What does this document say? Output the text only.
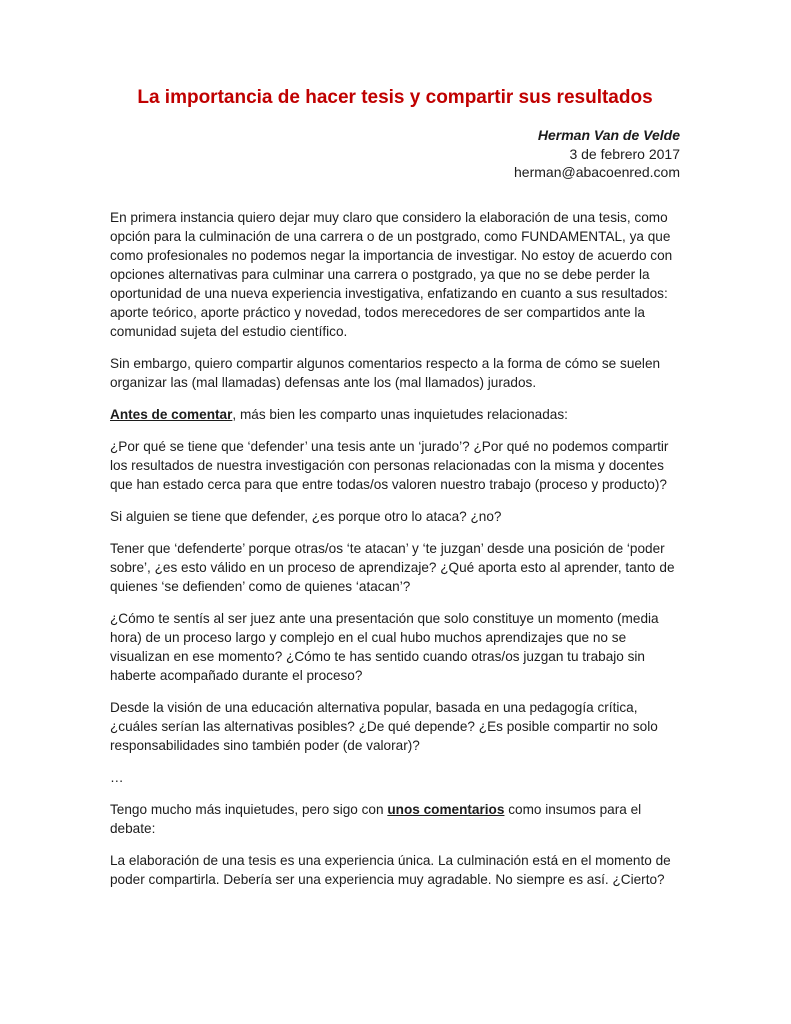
La importancia de hacer tesis y compartir sus resultados
Herman Van de Velde
3 de febrero 2017
herman@abacoenred.com

En primera instancia quiero dejar muy claro que considero la elaboración de una tesis, como opción para la culminación de una carrera o de un postgrado, como FUNDAMENTAL, ya que como profesionales no podemos negar la importancia de investigar. No estoy de acuerdo con opciones alternativas para culminar una carrera o postgrado, ya que no se debe perder la oportunidad de una nueva experiencia investigativa, enfatizando en cuanto a sus resultados: aporte teórico, aporte práctico y novedad, todos merecedores de ser compartidos ante la comunidad sujeta del estudio científico.

Sin embargo, quiero compartir algunos comentarios respecto a la forma de cómo se suelen organizar las (mal llamadas) defensas ante los (mal llamados) jurados.

Antes de comentar, más bien les comparto unas inquietudes relacionadas:

¿Por qué se tiene que ‘defender’ una tesis ante un ‘jurado’? ¿Por qué no podemos compartir los resultados de nuestra investigación con personas relacionadas con la misma y docentes que han estado cerca para que entre todas/os valoren nuestro trabajo (proceso y producto)?

Si alguien se tiene que defender, ¿es porque otro lo ataca? ¿no?

Tener que ‘defenderte’ porque otras/os ‘te atacan’ y ‘te juzgan’ desde una posición de ‘poder sobre’, ¿es esto válido en un proceso de aprendizaje? ¿Qué aporta esto al aprender, tanto de quienes ‘se defienden’ como de quienes ‘atacan’?

¿Cómo te sentís al ser juez ante una presentación que solo constituye un momento (media hora) de un proceso largo y complejo en el cual hubo muchos aprendizajes que no se visualizan en ese momento? ¿Cómo te has sentido cuando otras/os juzgan tu trabajo sin haberte acompañado durante el proceso?

Desde la visión de una educación alternativa popular, basada en una pedagogía crítica, ¿cuáles serían las alternativas posibles? ¿De qué depende? ¿Es posible compartir no solo responsabilidades sino también poder (de valorar)?

…

Tengo mucho más inquietudes, pero sigo con unos comentarios como insumos para el debate:

La elaboración de una tesis es una experiencia única. La culminación está en el momento de poder compartirla. Debería ser una experiencia muy agradable. No siempre es así. ¿Cierto?
